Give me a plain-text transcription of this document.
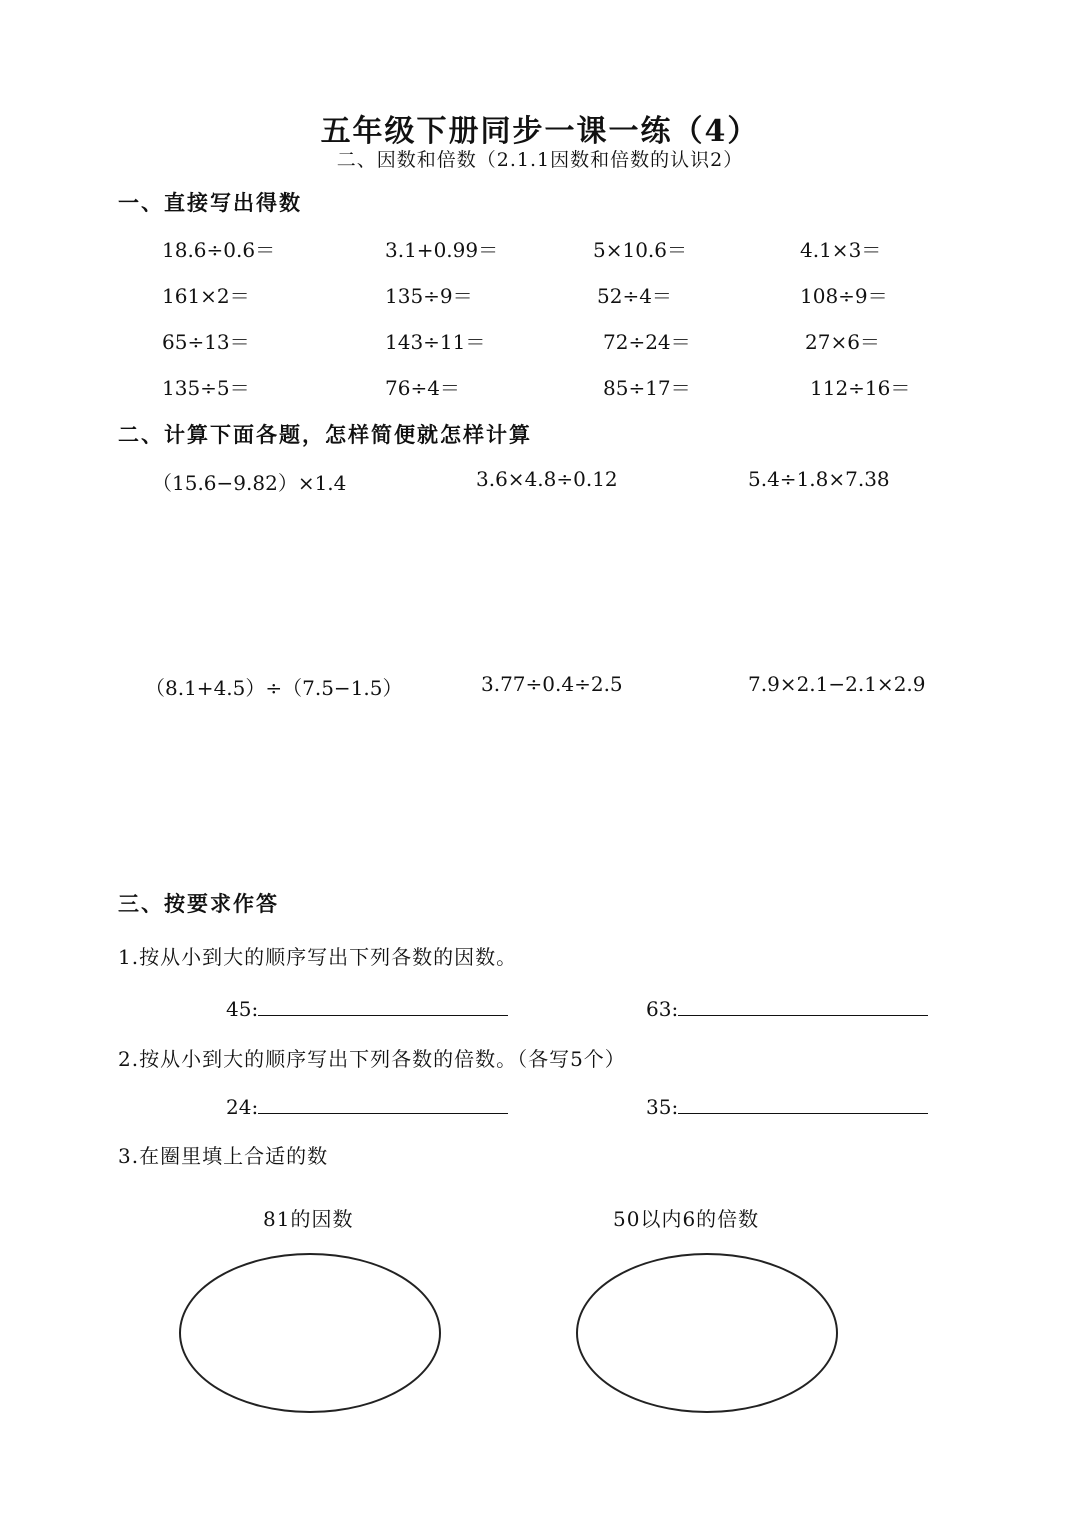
五年级下册同步一课一练（4）
二、因数和倍数（2.1.1因数和倍数的认识2）
一、直接写出得数
18.6÷0.6＝	3.1+0.99＝	5×10.6＝	4.1×3＝
161×2＝	135÷9＝	52÷4＝	108÷9＝
65÷13＝	143÷11＝	72÷24＝	27×6＝
135÷5＝	76÷4＝	85÷17＝	112÷16＝
二、计算下面各题，怎样简便就怎样计算
（15.6−9.82）×1.4	3.6×4.8÷0.12	5.4÷1.8×7.38
（8.1+4.5）÷（7.5−1.5）	3.77÷0.4÷2.5	7.9×2.1−2.1×2.9
三、按要求作答
1.按从小到大的顺序写出下列各数的因数。
45:	63:
2.按从小到大的顺序写出下列各数的倍数。（各写5个）
24:	35:
3.在圈里填上合适的数
81的因数	50以内6的倍数
